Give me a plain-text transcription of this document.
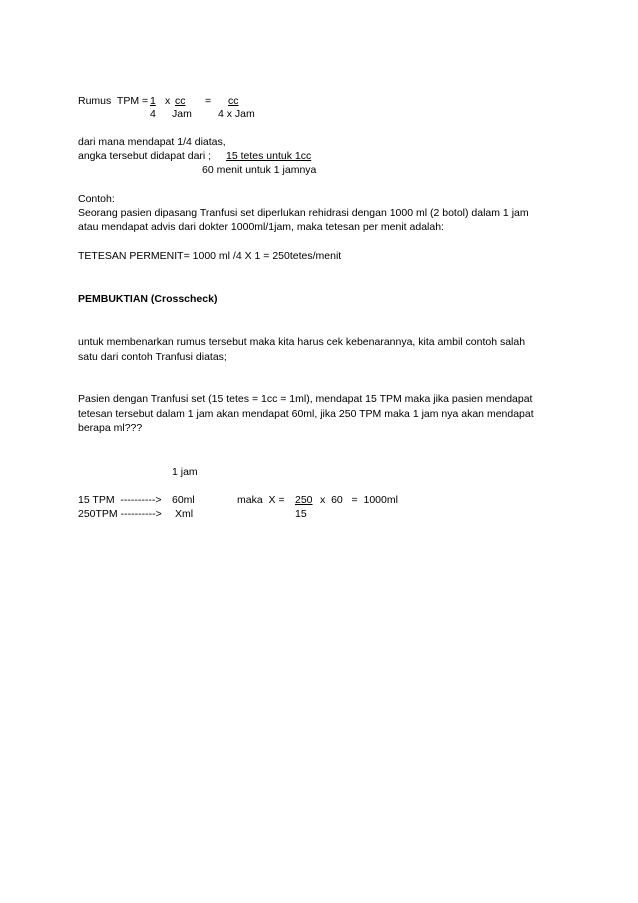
Rumus  TPM = 1 x cc = cc
4 Jam 4 x Jam
dari mana mendapat 1/4 diatas,
angka tersebut didapat dari ; 15 tetes untuk 1cc
60 menit untuk 1 jamnya
Contoh:
Seorang pasien dipasang Tranfusi set diperlukan rehidrasi dengan 1000 ml (2 botol) dalam 1 jam
atau mendapat advis dari dokter 1000ml/1jam, maka tetesan per menit adalah:
TETESAN PERMENIT= 1000 ml /4 X 1 = 250tetes/menit
PEMBUKTIAN (Crosscheck)
untuk membenarkan rumus tersebut maka kita harus cek kebenarannya, kita ambil contoh salah
satu dari contoh Tranfusi diatas;
Pasien dengan Tranfusi set (15 tetes = 1cc = 1ml), mendapat 15 TPM maka jika pasien mendapat
tetesan tersebut dalam 1 jam akan mendapat 60ml, jika 250 TPM maka 1 jam nya akan mendapat
berapa ml???
1 jam
15 TPM  ----------> 60ml	maka  X = 250 x  60   =  1000ml
250TPM ----------> Xml	15
